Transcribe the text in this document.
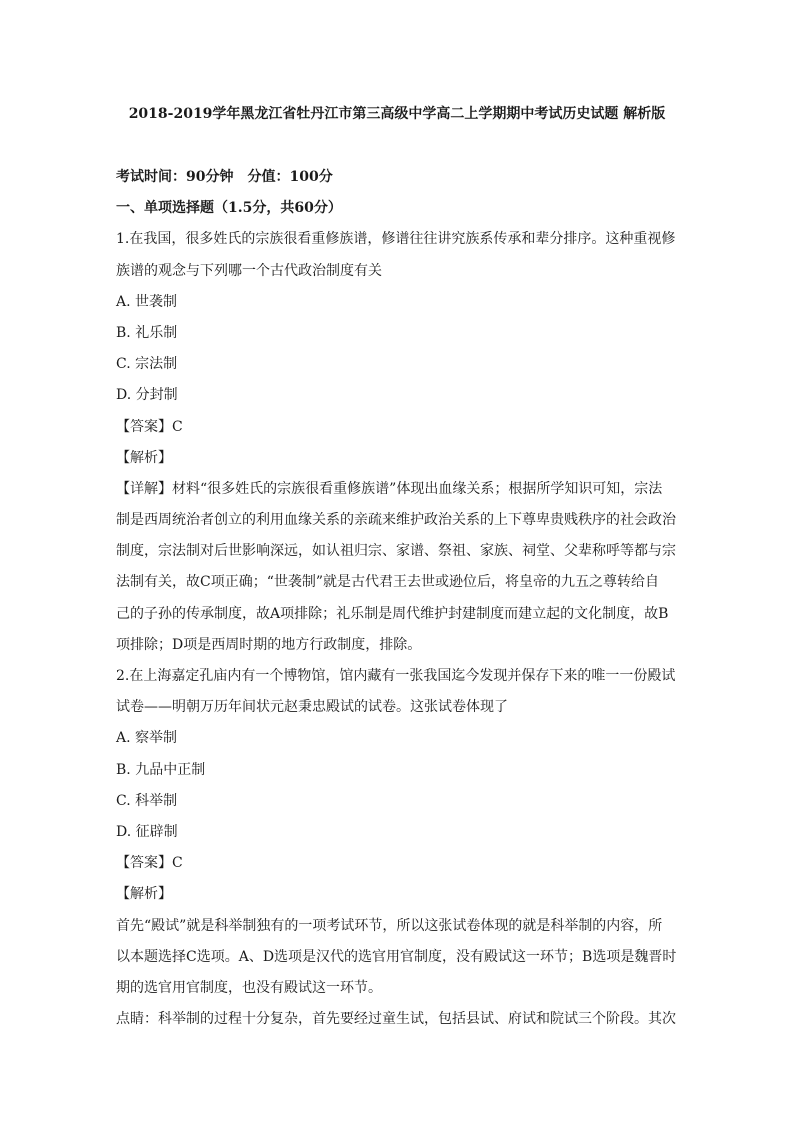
2018-2019学年黑龙江省牡丹江市第三高级中学高二上学期期中考试历史试题 解析版
考试时间：90分钟　分值：100分
一、单项选择题（1.5分，共60分）
1.在我国，很多姓氏的宗族很看重修族谱，修谱往往讲究族系传承和辈分排序。这种重视修
族谱的观念与下列哪一个古代政治制度有关
A. 世袭制
B. 礼乐制
C. 宗法制
D. 分封制
【答案】C
【解析】
【详解】材料“很多姓氏的宗族很看重修族谱”体现出血缘关系；根据所学知识可知，宗法
制是西周统治者创立的利用血缘关系的亲疏来维护政治关系的上下尊卑贵贱秩序的社会政治
制度，宗法制对后世影响深远，如认祖归宗、家谱、祭祖、家族、祠堂、父辈称呼等都与宗
法制有关，故C项正确；“世袭制”就是古代君王去世或逊位后，将皇帝的九五之尊转给自
己的子孙的传承制度，故A项排除；礼乐制是周代维护封建制度而建立起的文化制度，故B
项排除；D项是西周时期的地方行政制度，排除。
2.在上海嘉定孔庙内有一个博物馆，馆内藏有一张我国迄今发现并保存下来的唯一一份殿试
试卷——明朝万历年间状元赵秉忠殿试的试卷。这张试卷体现了
A. 察举制
B. 九品中正制
C. 科举制
D. 征辟制
【答案】C
【解析】
首先“殿试”就是科举制独有的一项考试环节，所以这张试卷体现的就是科举制的内容，所
以本题选择C选项。A、D选项是汉代的选官用官制度，没有殿试这一环节；B选项是魏晋时
期的选官用官制度，也没有殿试这一环节。
点睛：科举制的过程十分复杂，首先要经过童生试，包括县试、府试和院试三个阶段。其次
